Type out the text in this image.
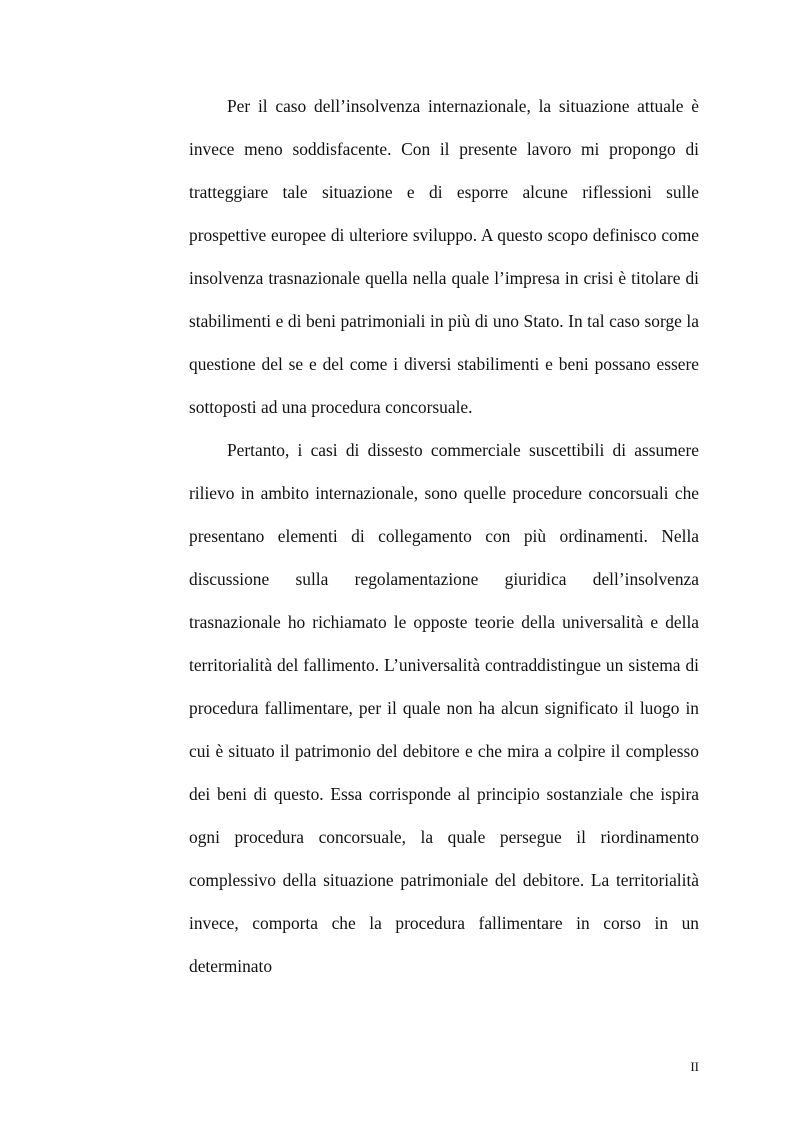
Per il caso dell’insolvenza internazionale, la situazione attuale è invece meno soddisfacente. Con il presente lavoro mi propongo di tratteggiare tale situazione e di esporre alcune riflessioni sulle prospettive europee di ulteriore sviluppo. A questo scopo definisco come insolvenza trasnazionale quella nella quale l’impresa in crisi è titolare di stabilimenti e di beni patrimoniali in più di uno Stato. In tal caso sorge la questione del se e del come i diversi stabilimenti e beni possano essere sottoposti ad una procedura concorsuale.

Pertanto, i casi di dissesto commerciale suscettibili di assumere rilievo in ambito internazionale, sono quelle procedure concorsuali che presentano elementi di collegamento con più ordinamenti. Nella discussione sulla regolamentazione giuridica dell’insolvenza trasnazionale ho richiamato le opposte teorie della universalità e della territorialità del fallimento. L’universalità contraddistingue un sistema di procedura fallimentare, per il quale non ha alcun significato il luogo in cui è situato il patrimonio del debitore e che mira a colpire il complesso dei beni di questo. Essa corrisponde al principio sostanziale che ispira ogni procedura concorsuale, la quale persegue il riordinamento complessivo della situazione patrimoniale del debitore. La territorialità invece, comporta che la procedura fallimentare in corso in un determinato

II
